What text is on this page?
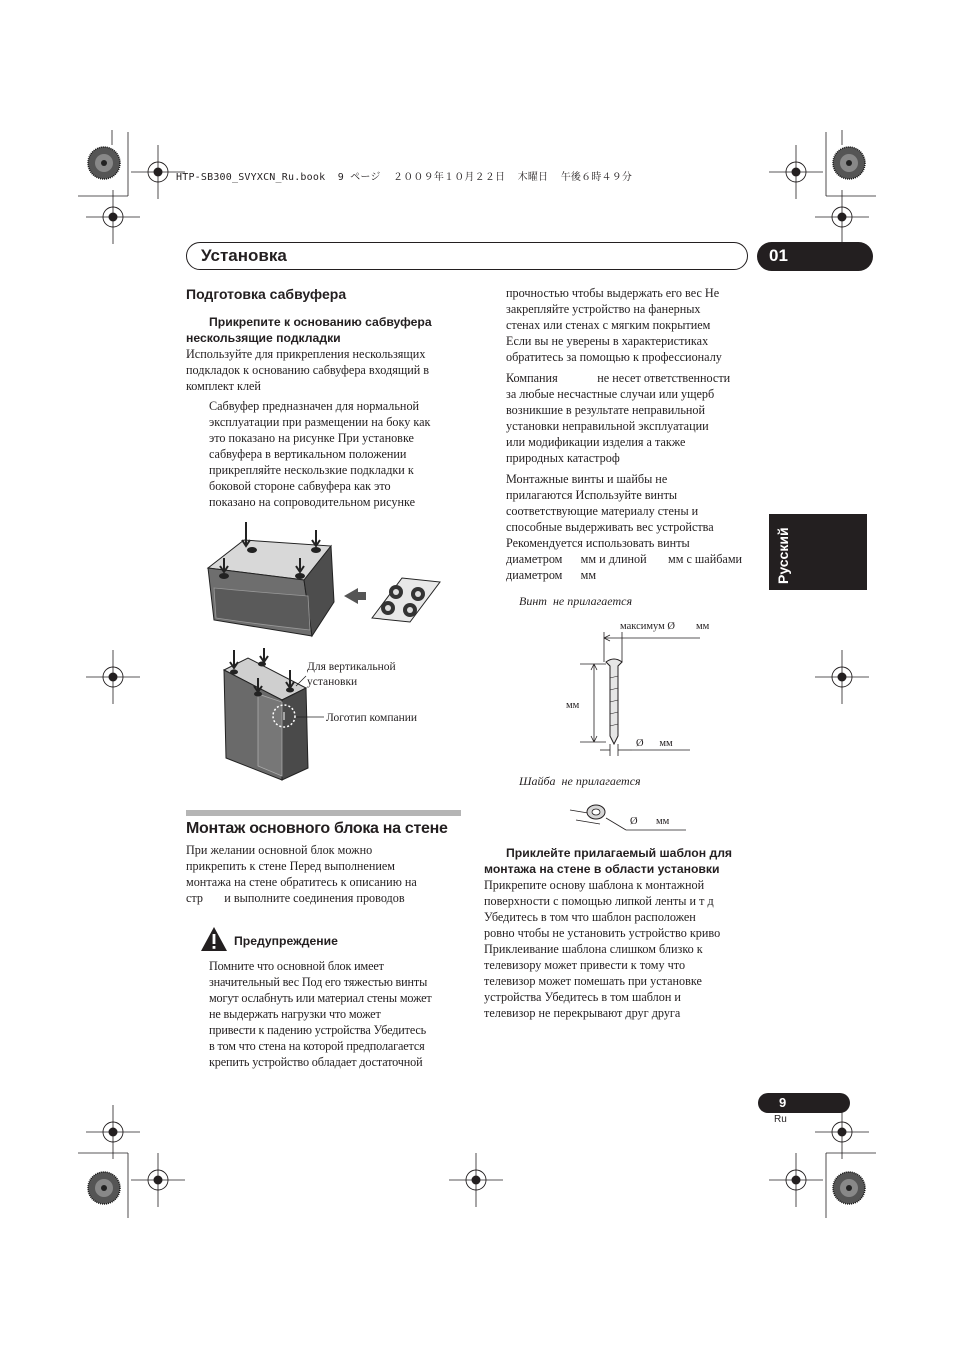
HTP-SB300_SVYXCN_Ru.book  9 ページ  ２００９年１０月２２日  木曜日  午後６時４９分
Установка	01
Русский
Подготовка сабвуфера
Прикрепите к основанию сабвуфера
нескользящие подкладки
Используйте для прикрепления нескользящих
подкладок к основанию сабвуфера входящий в
комплект клей
Сабвуфер предназначен для нормальной
эксплуатации при размещении на боку как
это показано на рисунке При установке
сабвуфера в вертикальном положении
прикрепляйте нескользкие подкладки к
боковой стороне сабвуфера как это
показано на сопроводительном рисунке
Для вертикальной
установки
Логотип компании
Монтаж основного блока на стене
При желании основной блок можно
прикрепить к стене Перед выполнением
монтажа на стене обратитесь к описанию на
стр       и выполните соединения проводов
Предупреждение
Помните что основной блок имеет
значительный вес Под его тяжестью винты
могут ослабнуть или материал стены может
не выдержать нагрузки что может
привести к падению устройства Убедитесь
в том что стена на которой предполагается
крепить устройство обладает достаточной
прочностью чтобы выдержать его вес Не
закрепляйте устройство на фанерных
стенах или стенах с мягким покрытием
Если вы не уверены в характеристиках
обратитесь за помощью к профессионалу
Компания             не несет ответственности
за любые несчастные случаи или ущерб
возникшие в результате неправильной
установки неправильной эксплуатации
или модификации изделия а также
природных катастроф
Монтажные винты и шайбы не
прилагаются Используйте винты
соответствующие материалу стены и
способные выдерживать вес устройства
Рекомендуется использовать винты
диаметром      мм и длиной       мм с шайбами
диаметром      мм
Винт  не прилагается
максимум Ø        мм
мм
Ø      мм
Шайба  не прилагается
Ø       мм
Приклейте прилагаемый шаблон для
монтажа на стене в области установки
Прикрепите основу шаблона к монтажной
поверхности с помощью липкой ленты и т д
Убедитесь в том что шаблон расположен
ровно чтобы не установить устройство криво
Приклеивание шаблона слишком близко к
телевизору может привести к тому что
телевизор может помешать при установке
устройства Убедитесь в том шаблон и
телевизор не перекрывают друг друга
9
Ru
